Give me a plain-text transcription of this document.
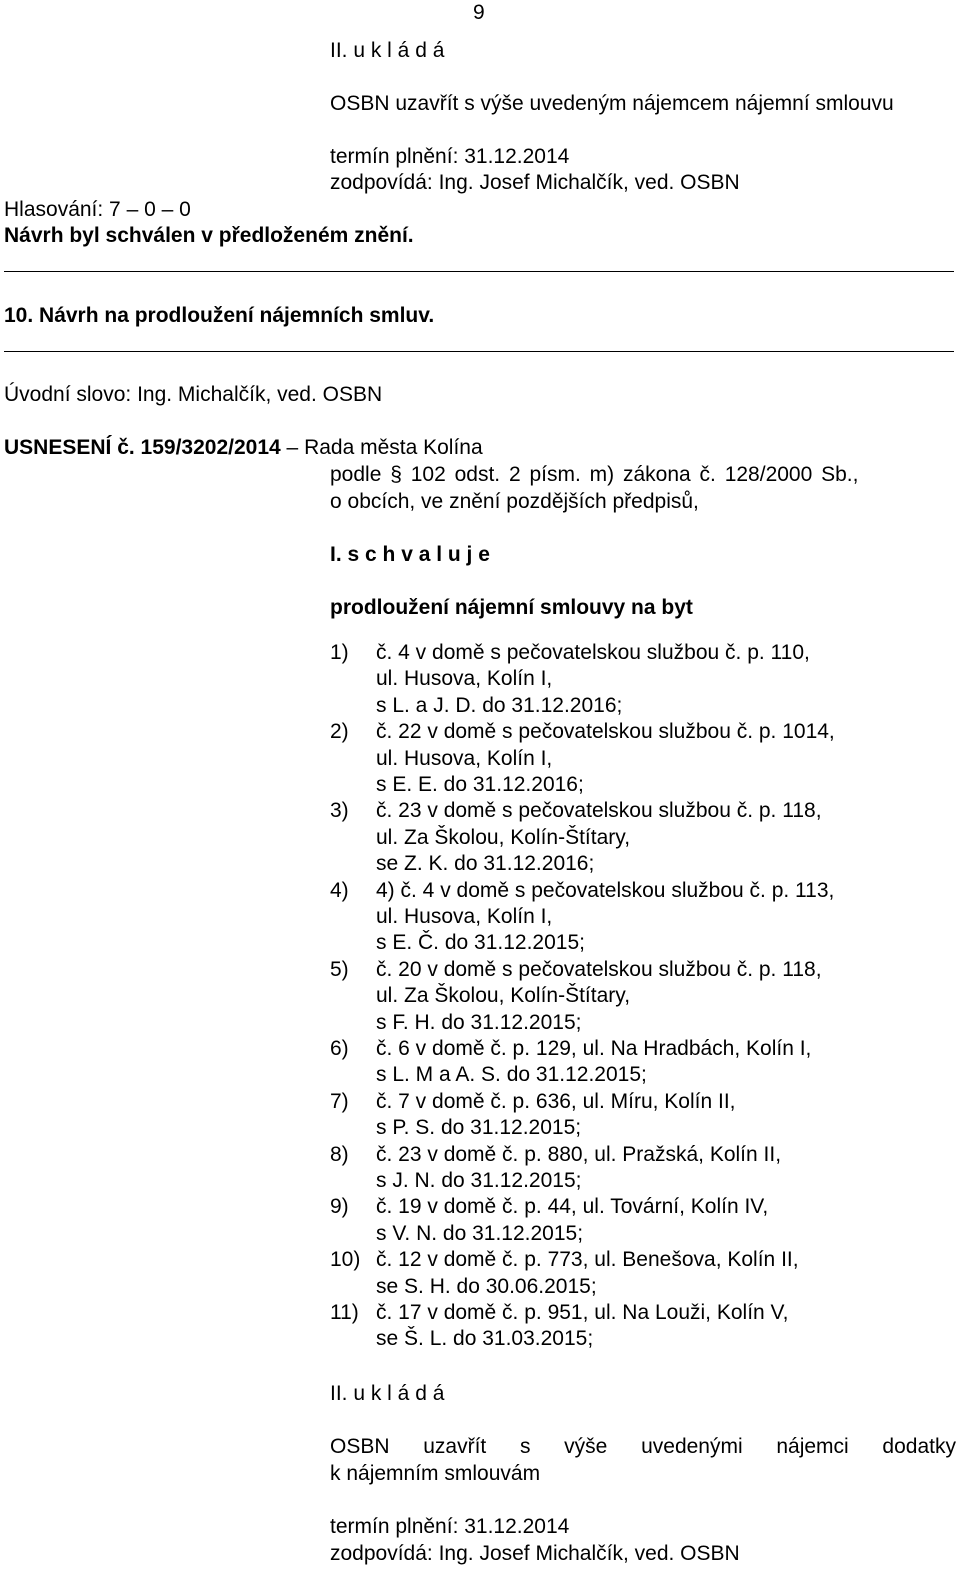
9
II. u k l á d á
OSBN uzavřít s výše uvedeným nájemcem nájemní smlouvu
termín plnění: 31.12.2014
zodpovídá: Ing. Josef Michalčík, ved. OSBN
Hlasování: 7 – 0 – 0
Návrh byl schválen v předloženém znění.
10. Návrh na prodloužení nájemních smluv.
Úvodní slovo: Ing. Michalčík, ved. OSBN
USNESENÍ č. 159/3202/2014 – Rada města Kolína
podle § 102 odst. 2 písm. m) zákona č. 128/2000 Sb.,
o obcích, ve znění pozdějších předpisů,
I. s c h v a l u j e
prodloužení nájemní smlouvy na byt
1) č. 4 v domě s pečovatelskou službou č. p. 110,
ul. Husova, Kolín I,
s L. a J. D. do 31.12.2016;
2) č. 22 v domě s pečovatelskou službou č. p. 1014,
ul. Husova, Kolín I,
s E. E. do 31.12.2016;
3) č. 23 v domě s pečovatelskou službou č. p. 118,
ul. Za Školou, Kolín-Štítary,
se Z. K. do 31.12.2016;
4) 4) č. 4 v domě s pečovatelskou službou č. p. 113,
ul. Husova, Kolín I,
s E. Č. do 31.12.2015;
5) č. 20 v domě s pečovatelskou službou č. p. 118,
ul. Za Školou, Kolín-Štítary,
s F. H. do 31.12.2015;
6) č. 6 v domě č. p. 129, ul. Na Hradbách, Kolín I,
s L. M a A. S. do 31.12.2015;
7) č. 7 v domě č. p. 636, ul. Míru, Kolín II,
s P. S. do 31.12.2015;
8) č. 23 v domě č. p. 880, ul. Pražská, Kolín II,
s J. N. do 31.12.2015;
9) č. 19 v domě č. p. 44, ul. Tovární, Kolín IV,
s V. N. do 31.12.2015;
10) č. 12 v domě č. p. 773, ul. Benešova, Kolín II,
se S. H. do 30.06.2015;
11) č. 17 v domě č. p. 951, ul. Na Louži, Kolín V,
se Š. L. do 31.03.2015;
II. u k l á d á
OSBN uzavřít s výše uvedenými nájemci dodatky
k nájemním smlouvám
termín plnění: 31.12.2014
zodpovídá: Ing. Josef Michalčík, ved. OSBN
